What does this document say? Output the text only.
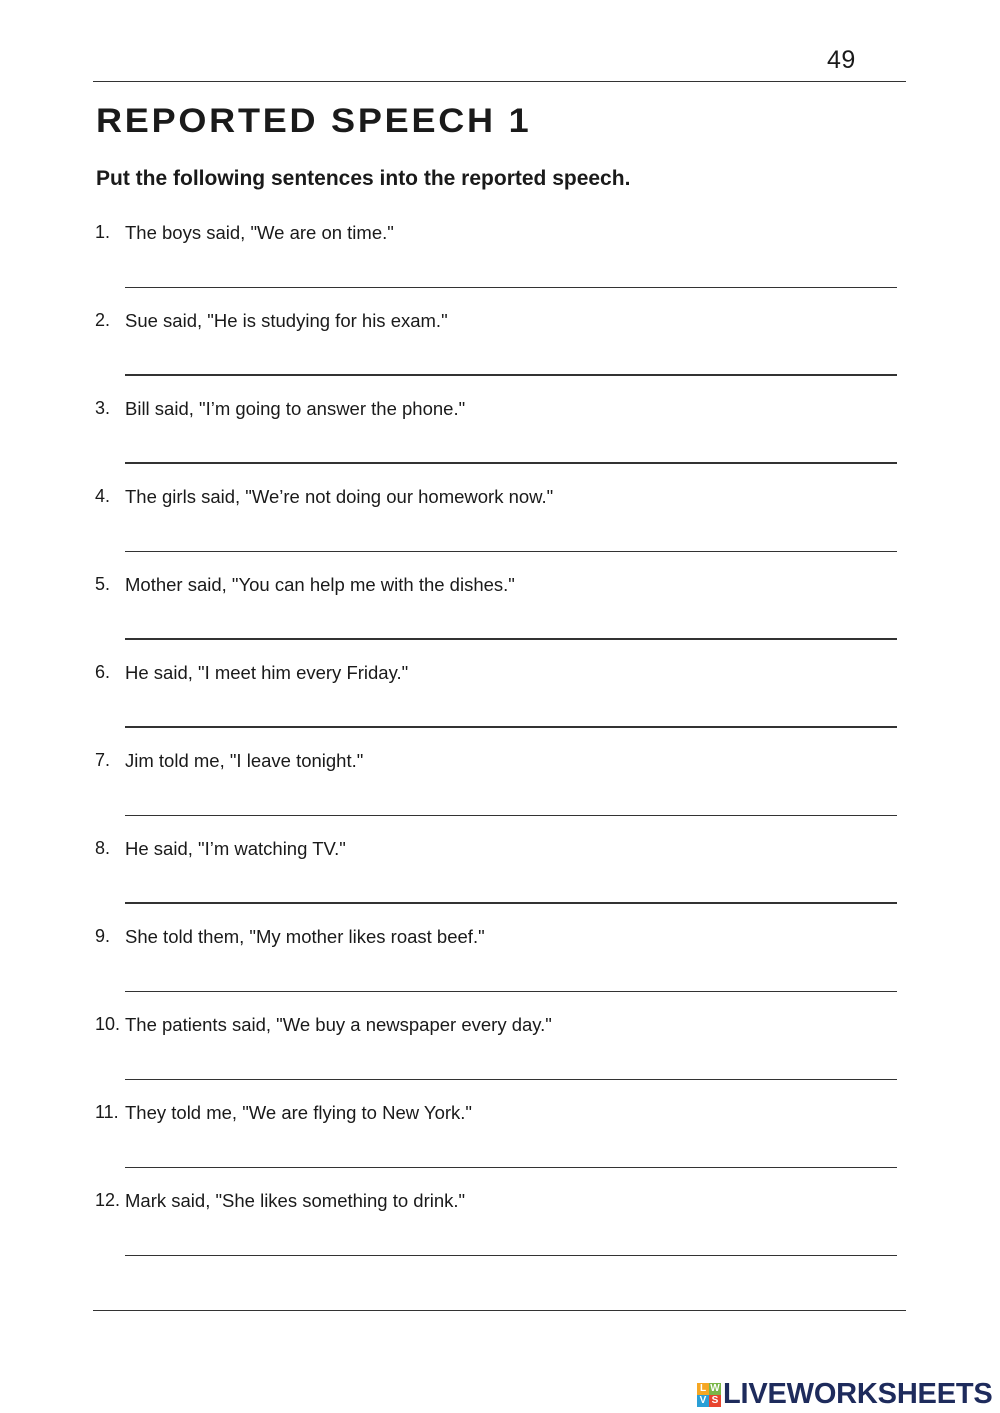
49
REPORTED SPEECH 1
Put the following sentences into the reported speech.
1. The boys said, "We are on time."
2. Sue said, "He is studying for his exam."
3. Bill said, "I’m going to answer the phone."
4. The girls said, "We’re not doing our homework now."
5. Mother said, "You can help me with the dishes."
6. He said, "I meet him every Friday."
7. Jim told me, "I leave tonight."
8. He said, "I’m watching TV."
9. She told them, "My mother likes roast beef."
10. The patients said, "We buy a newspaper every day."
11. They told me, "We are flying to New York."
12. Mark said, "She likes something to drink."
L W
V S LIVEWORKSHEETS
